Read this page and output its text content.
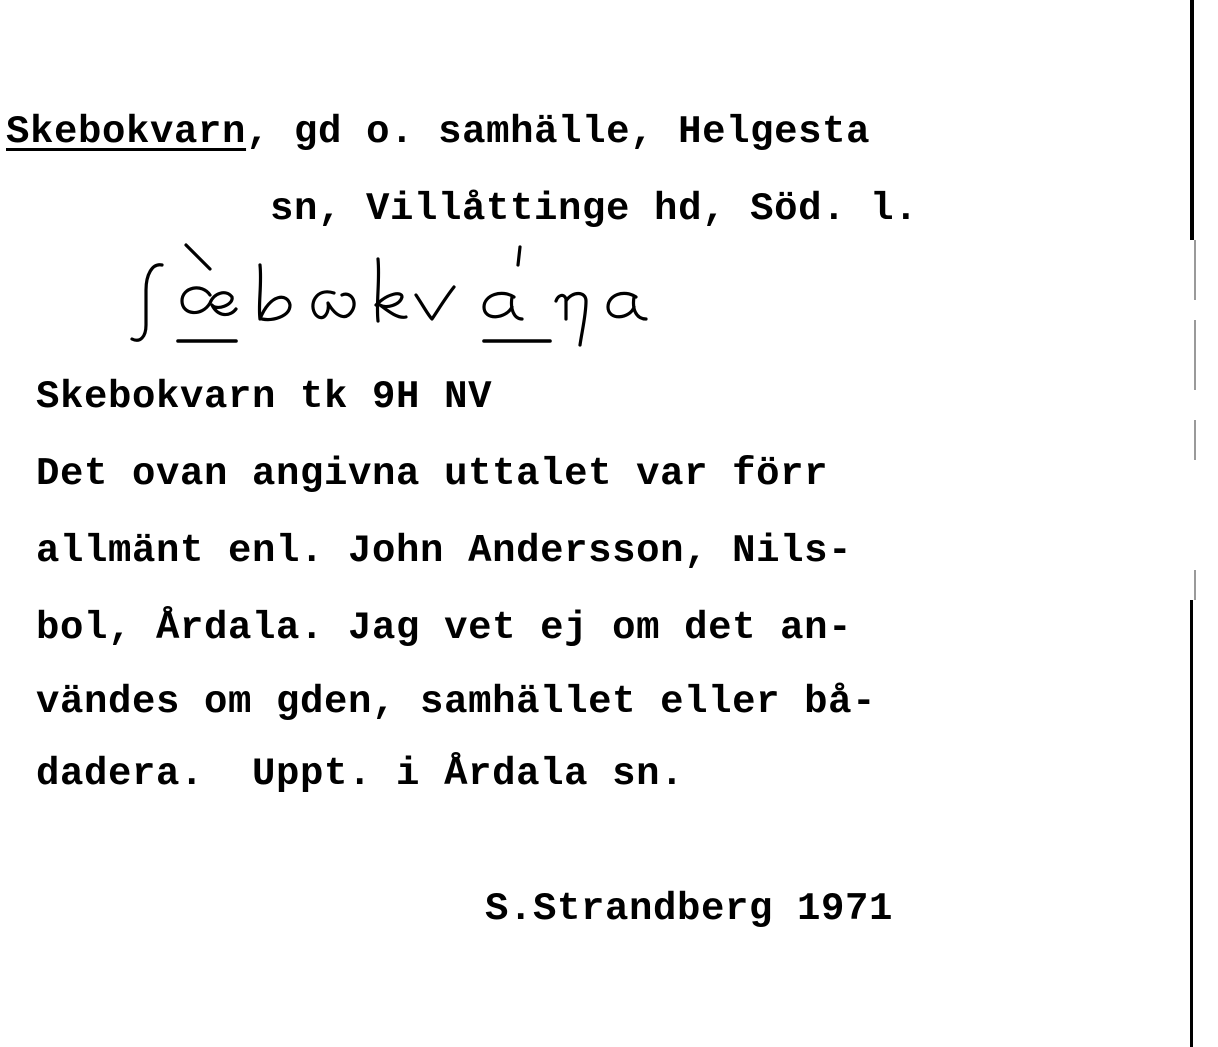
Skebokvarn, gd o. samhälle, Helgesta
sn, Villåttinge hd, Söd. l.
Skebokvarn tk 9H NV
Det ovan angivna uttalet var förr
allmänt enl. John Andersson, Nils-
bol, Årdala. Jag vet ej om det an-
vändes om gden, samhället eller bå-
dadera.  Uppt. i Årdala sn.
S.Strandberg 1971
